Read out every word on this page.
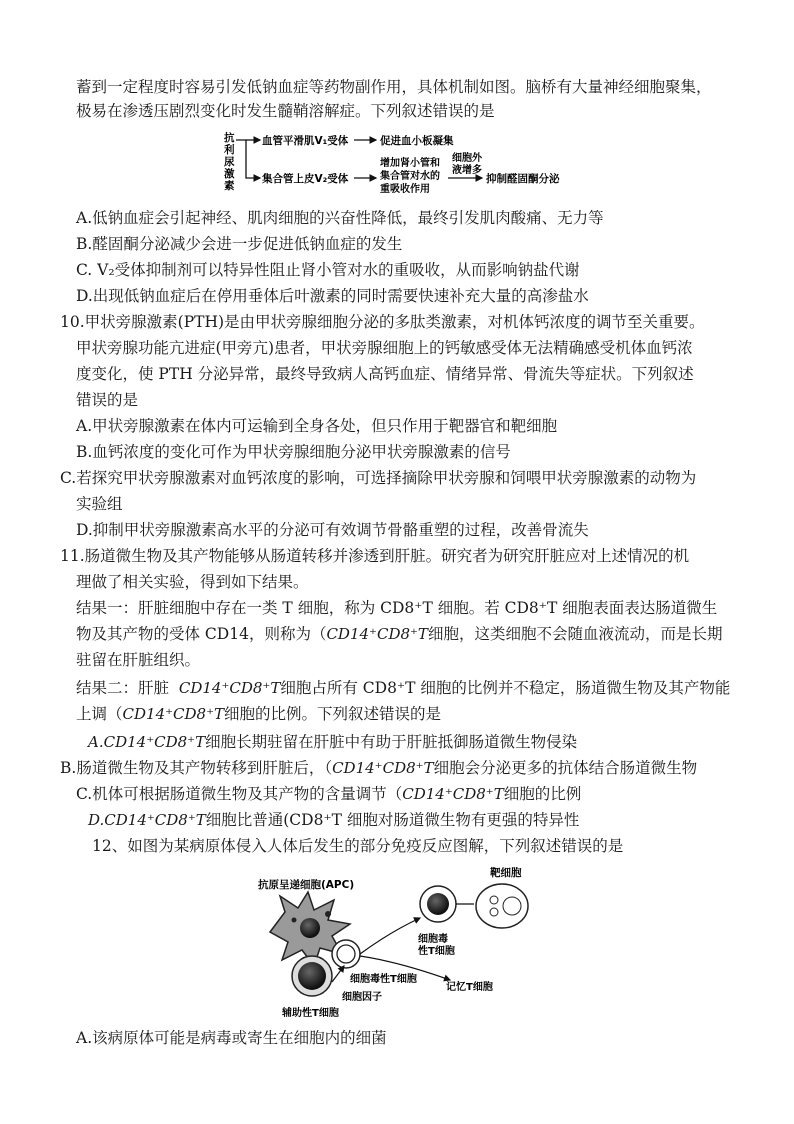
蓄到一定程度时容易引发低钠血症等药物副作用，具体机制如图。脑桥有大量神经细胞聚集，
极易在渗透压剧烈变化时发生髓鞘溶解症。下列叙述错误的是
抗
利
尿
激
素
血管平滑肌V₁受体	促进血小板凝集
集合管上皮V₂受体
增加肾小管和
集合管对水的
重吸收作用
细胞外
液增多
抑制醛固酮分泌
A.低钠血症会引起神经、肌肉细胞的兴奋性降低，最终引发肌肉酸痛、无力等
B.醛固酮分泌减少会进一步促进低钠血症的发生
C. V₂受体抑制剂可以特异性阻止肾小管对水的重吸收，从而影响钠盐代谢
D.出现低钠血症后在停用垂体后叶激素的同时需要快速补充大量的高渗盐水
10.甲状旁腺激素(PTH)是由甲状旁腺细胞分泌的多肽类激素，对机体钙浓度的调节至关重要。
甲状旁腺功能亢进症(甲旁亢)患者，甲状旁腺细胞上的钙敏感受体无法精确感受机体血钙浓
度变化，使 PTH 分泌异常，最终导致病人高钙血症、情绪异常、骨流失等症状。下列叙述
错误的是
A.甲状旁腺激素在体内可运输到全身各处，但只作用于靶器官和靶细胞
B.血钙浓度的变化可作为甲状旁腺细胞分泌甲状旁腺激素的信号
C.若探究甲状旁腺激素对血钙浓度的影响，可选择摘除甲状旁腺和饲喂甲状旁腺激素的动物为
实验组
D.抑制甲状旁腺激素高水平的分泌可有效调节骨骼重塑的过程，改善骨流失
11.肠道微生物及其产物能够从肠道转移并渗透到肝脏。研究者为研究肝脏应对上述情况的机
理做了相关实验，得到如下结果。
结果一：肝脏细胞中存在一类 T 细胞，称为 CD8⁺T 细胞。若 CD8⁺T 细胞表面表达肠道微生
物及其产物的受体 CD14，则称为（CD14⁺CD8⁺T细胞，这类细胞不会随血液流动，而是长期
驻留在肝脏组织。
结果二：肝脏 CD14⁺CD8⁺T细胞占所有 CD8⁺T 细胞的比例并不稳定，肠道微生物及其产物能
上调（CD14⁺CD8⁺T细胞的比例。下列叙述错误的是
A.CD14⁺CD8⁺T细胞长期驻留在肝脏中有助于肝脏抵御肠道微生物侵染
B.肠道微生物及其产物转移到肝脏后，（CD14⁺CD8⁺T细胞会分泌更多的抗体结合肠道微生物
C.机体可根据肠道微生物及其产物的含量调节（CD14⁺CD8⁺T细胞的比例
D.CD14⁺CD8⁺T细胞比普通(CD8⁺T 细胞对肠道微生物有更强的特异性
12、如图为某病原体侵入人体后发生的部分免疫反应图解，下列叙述错误的是
抗原呈递细胞(APC)
靶细胞
细胞毒
性T细胞
细胞毒性T细胞
记忆T细胞
细胞因子
辅助性T细胞
A.该病原体可能是病毒或寄生在细胞内的细菌
